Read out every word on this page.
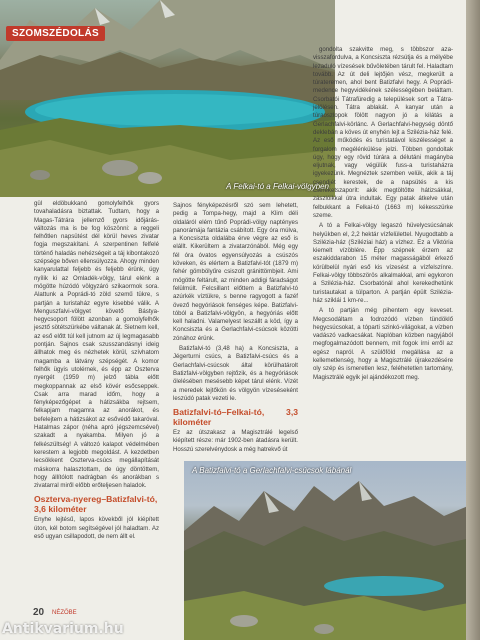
SZOMSZÉDOLÁS
A Felkai-tó a Felkai-völgyben

gondolta szakvitte meg, s többszor aza-visszafordulva, a Koncsiszta rézsútja és a mélyébe lezaduló vízesések bűvöletében tárult fel. Haladtam tovább. Az út deli lejtőjén vész, megkerült a túrateremen, ahol bent Batizfalvi hegy. A Poprádi-medence hegyvidékének szélességében beláttam. Csorbatói Tátrafüredig a települések sort a Tátra-jelölésen. Tátra ablakát. A kanyar után a túraoszlopok fölött nagyon jó a kilátás a Gerlachfalvi-körlánc. A Gerlachfalvi-hegység döntő deklebán a köves út enyhén lejt a Szilézia-ház felé. Az eső működés és turistatávol kiszélességet a forgalom megélénkülése jelzi. Többen gondoltak úgy, hogy egy rövid túrára a délutáni magányba eljutnak, vagy végülük fuss-a turistaházra igyekezünk. Megnéztek szemben velük, akik a táj csendjét kerestek, de a napsütés a kis cseréketszaporít: akik megtöltötte hátizsákkal, zászlóikkal útra indultak. Egy patak átkelve után felbukkant a Felkai-tó (1663 m) kékesszürke szeme.

A tó a Felkai-völgy legaszó hüvelycsúcsának helyükben el, 2,2 hektár vízfelülettel. Nyugodtabb a Szilézia-ház (Sziléziai ház) a vízhez. Ez a Viktória kiemelt vízöblére. Épp szépnek érzem az eszakiddarabon 15 méter magasságából érkező körülbelül nyári eső kis vízesést a vízfelszínre. Felkai-völgy többszörös alkalmakkal, ami egykoron a Szilézia-ház. Csorbatónál ahol kerekedhetünk turistautakat a túlparton. A partján épült Szilézia-ház sziklái 1 km-re...

A tó partján még pihentem egy keveset. Megcsodáltam a fodrozódó vízben tündöklő hegycsúcsokat, a tóparti szinkó-világokat, a vízben vadászó vadkacsákat. Naplóban közben nagyjából megfogalmazódott bennem, mit fogok írni erről az egész napról. A szülőföld megállása az a kellemetlenség, hogy a Magisztrálé újrakezdésére oly szép és ismeretlen lesz, feléhetetlen tartomány, Magisztrálé egyik jel ajándékozott meg.

gül eldöbukkanó gomolyfelhők gyors tovahaladásra biztattak. Tudtam, hogy a Magas-Tátrára jellemző gyors időjárás-változás ma is be fog köszönni: a reggeli felhőtlen napsütést dél körül heves zivatar fogja megszakítani. A szerpentinen felfelé történő haladás nehézségeit a táj kibontakozó szépsége bőven ellensúlyozza. Ahogy minden kanyarulattal feljebb és feljebb érünk, úgy nyílik ki az Omladék-völgy, tárul elénk a mögötte húzódó völgyzáró szikaormok sora. Alattunk a Poprádi-tó zöld szemű tükre, s partján a turistaház egyre kisebbé válik. A Menguszfalvi-völgyet követő Bástya-hegycsoport fölött azonban a gomolyfelhők jesztő sötétszürkébe váltanak át. Sietnem kell, az eső előtt túl kell jutnom az új legmagasabb pontján. Sajnos csak szusszandásnyi ideig állhatok meg és nézhetek körül, szívhatom magamba a látvány szépségét. A komor felhők ügyis utolérnek, és épp az Oszterva nyergét (1959 m) jelző tábla előtt megkoppannak az első kövér esőcseppek. Csak arra marad időm, hogy a fényképezőgépet a hátizsákba rejtsem, felkapjam magamra az anorákot, és befelejtem a hátizsákot az esővédő takaróval. Hatalmas zápor (néha apró jégszemcsével) szakadt a nyakamba. Milyen jó a felkészültség! A változó kalapot védelmében kerestem a legjobb megoldást. A kezdetben lecsökkent Oszterva-csúcs megállapítását máskorra halasztottam, de úgy döntöttem, hogy állítólott nadrágban és anorákban s zivatarral miről előbb erőteljesen haladok.

Oszterva-nyereg–Batizfalvi-tó, 3,6 kilométer

Enyhe lejtésű, lapos kövekből jól kiépített úton, kél botom segítségével jól haladtam. Az eső ugyan csillapodott, de nem állt el.

Sajnos fényképezésről szó sem lehetett, pedig a Tompa-hegy, majd a Klim déli oldaláról elém tűnő Poprádi-völgy naptényes panorámája fantázia csábított. Egy óra múlva, a Koncsiszta oldalába érve végre az eső is elállt. Kikerültem a zivatarzónából. Még egy fél óra óvatos egyensúlyozás a csúszós köveken, és elértem a Batizfalvi-tót (1879 m) fehér gömbölyűre csiszolt gránittömbjeit. Ami mögötte feltárult, az minden addigi fáradságot felülmúlt. Felcsillant előttem a Batizfalvi-tó azúrkék víztükre, s benne ragyogott a fazéf övező hegyóriások fenséges képe. Batizfalvi-tóból a Batizfalvi-völgyön, a hegyóriás előtt kell haladni. Valamelyest leszállt a köd, így a Koncsiszta és a Gerlachfalvi-csúcsok közötti zónához érünk.

Batizfalvi-tó (3,48 ha) a Koncsiszta, a Jégerturni csúcs, a Batizfalvi-csúcs és a Gerlachfalvi-csúcsok által körülhatárolt Batizfalvi-völgyben rejtőzik, és a hegyóriások ölelésében mesésebb képet tárul elénk. Vízét a meredek lejtőkön és völgyön vízeséseként leszúdó patak vezeti le.

Batizfalvi-tó–Felkai-tó, 3,3 kilométer

Ez az útszakasz a Magisztrálé legelső kiépített része: már 1902-ben átadásra került. Hosszú szerelvénydosk a még hatrekvő út

A Batizfalvi-tó a Gerlachfalvi-csúcsok lábánál
20 NÉZŐBE
Antikvarium.hu
